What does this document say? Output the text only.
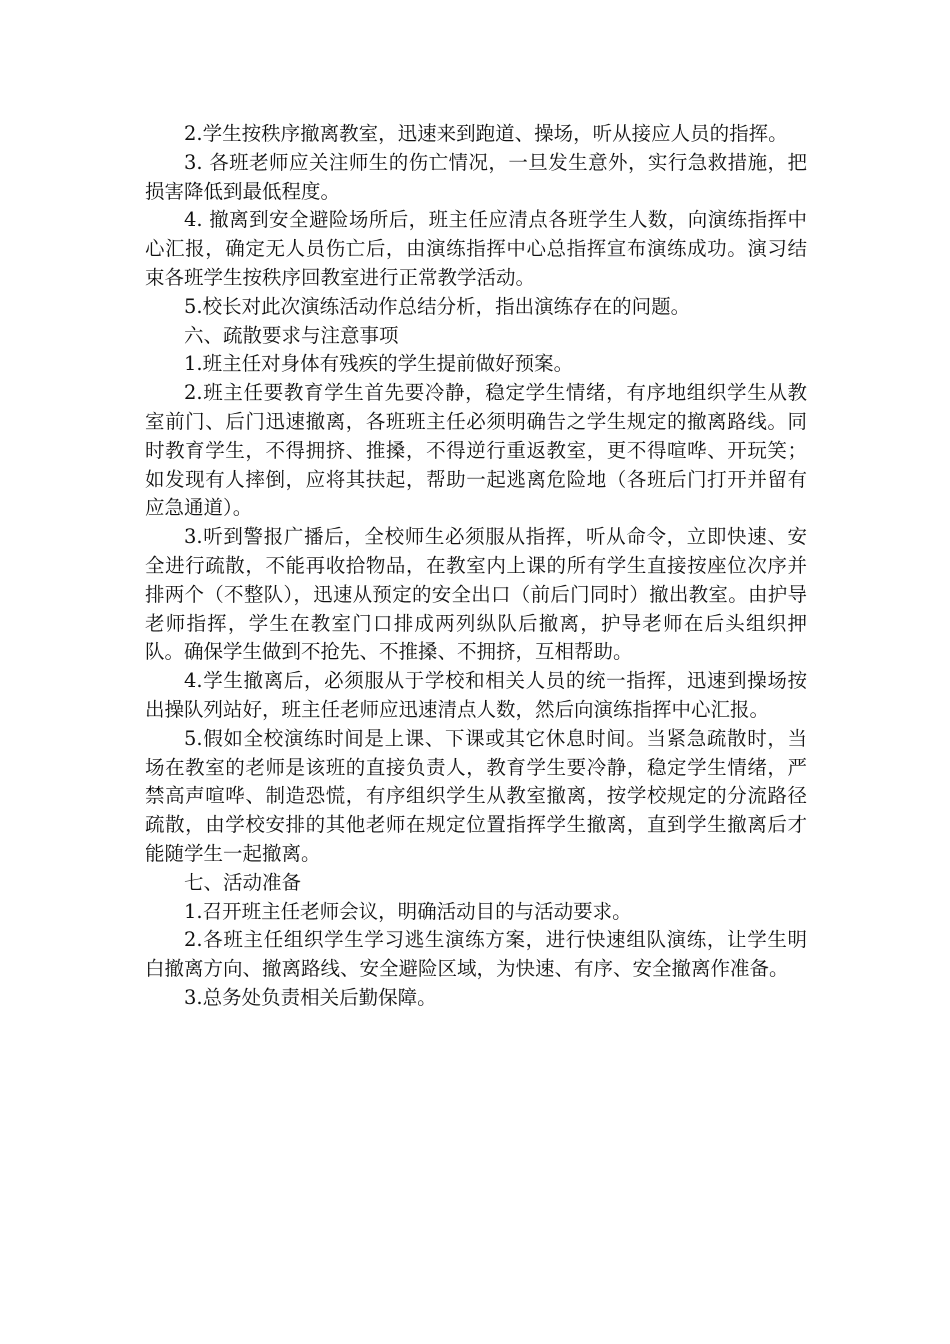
2.学生按秩序撤离教室，迅速来到跑道、操场，听从接应人员的指挥。

3. 各班老师应关注师生的伤亡情况，一旦发生意外，实行急救措施，把损害降低到最低程度。

4. 撤离到安全避险场所后，班主任应清点各班学生人数，向演练指挥中心汇报，确定无人员伤亡后，由演练指挥中心总指挥宣布演练成功。演习结束各班学生按秩序回教室进行正常教学活动。

5.校长对此次演练活动作总结分析，指出演练存在的问题。

六、疏散要求与注意事项

1.班主任对身体有残疾的学生提前做好预案。

2.班主任要教育学生首先要冷静，稳定学生情绪，有序地组织学生从教室前门、后门迅速撤离，各班班主任必须明确告之学生规定的撤离路线。同时教育学生，不得拥挤、推搡，不得逆行重返教室，更不得喧哗、开玩笑；如发现有人摔倒，应将其扶起，帮助一起逃离危险地（各班后门打开并留有应急通道）。

3.听到警报广播后，全校师生必须服从指挥，听从命令，立即快速、安全进行疏散，不能再收拾物品，在教室内上课的所有学生直接按座位次序并排两个（不整队），迅速从预定的安全出口（前后门同时）撤出教室。由护导老师指挥，学生在教室门口排成两列纵队后撤离，护导老师在后头组织押队。确保学生做到不抢先、不推搡、不拥挤，互相帮助。

4.学生撤离后，必须服从于学校和相关人员的统一指挥，迅速到操场按出操队列站好，班主任老师应迅速清点人数，然后向演练指挥中心汇报。

5.假如全校演练时间是上课、下课或其它休息时间。当紧急疏散时，当场在教室的老师是该班的直接负责人，教育学生要冷静，稳定学生情绪，严禁高声喧哗、制造恐慌，有序组织学生从教室撤离，按学校规定的分流路径疏散，由学校安排的其他老师在规定位置指挥学生撤离，直到学生撤离后才能随学生一起撤离。

七、活动准备

1.召开班主任老师会议，明确活动目的与活动要求。

2.各班主任组织学生学习逃生演练方案，进行快速组队演练，让学生明白撤离方向、撤离路线、安全避险区域，为快速、有序、安全撤离作准备。

3.总务处负责相关后勤保障。
